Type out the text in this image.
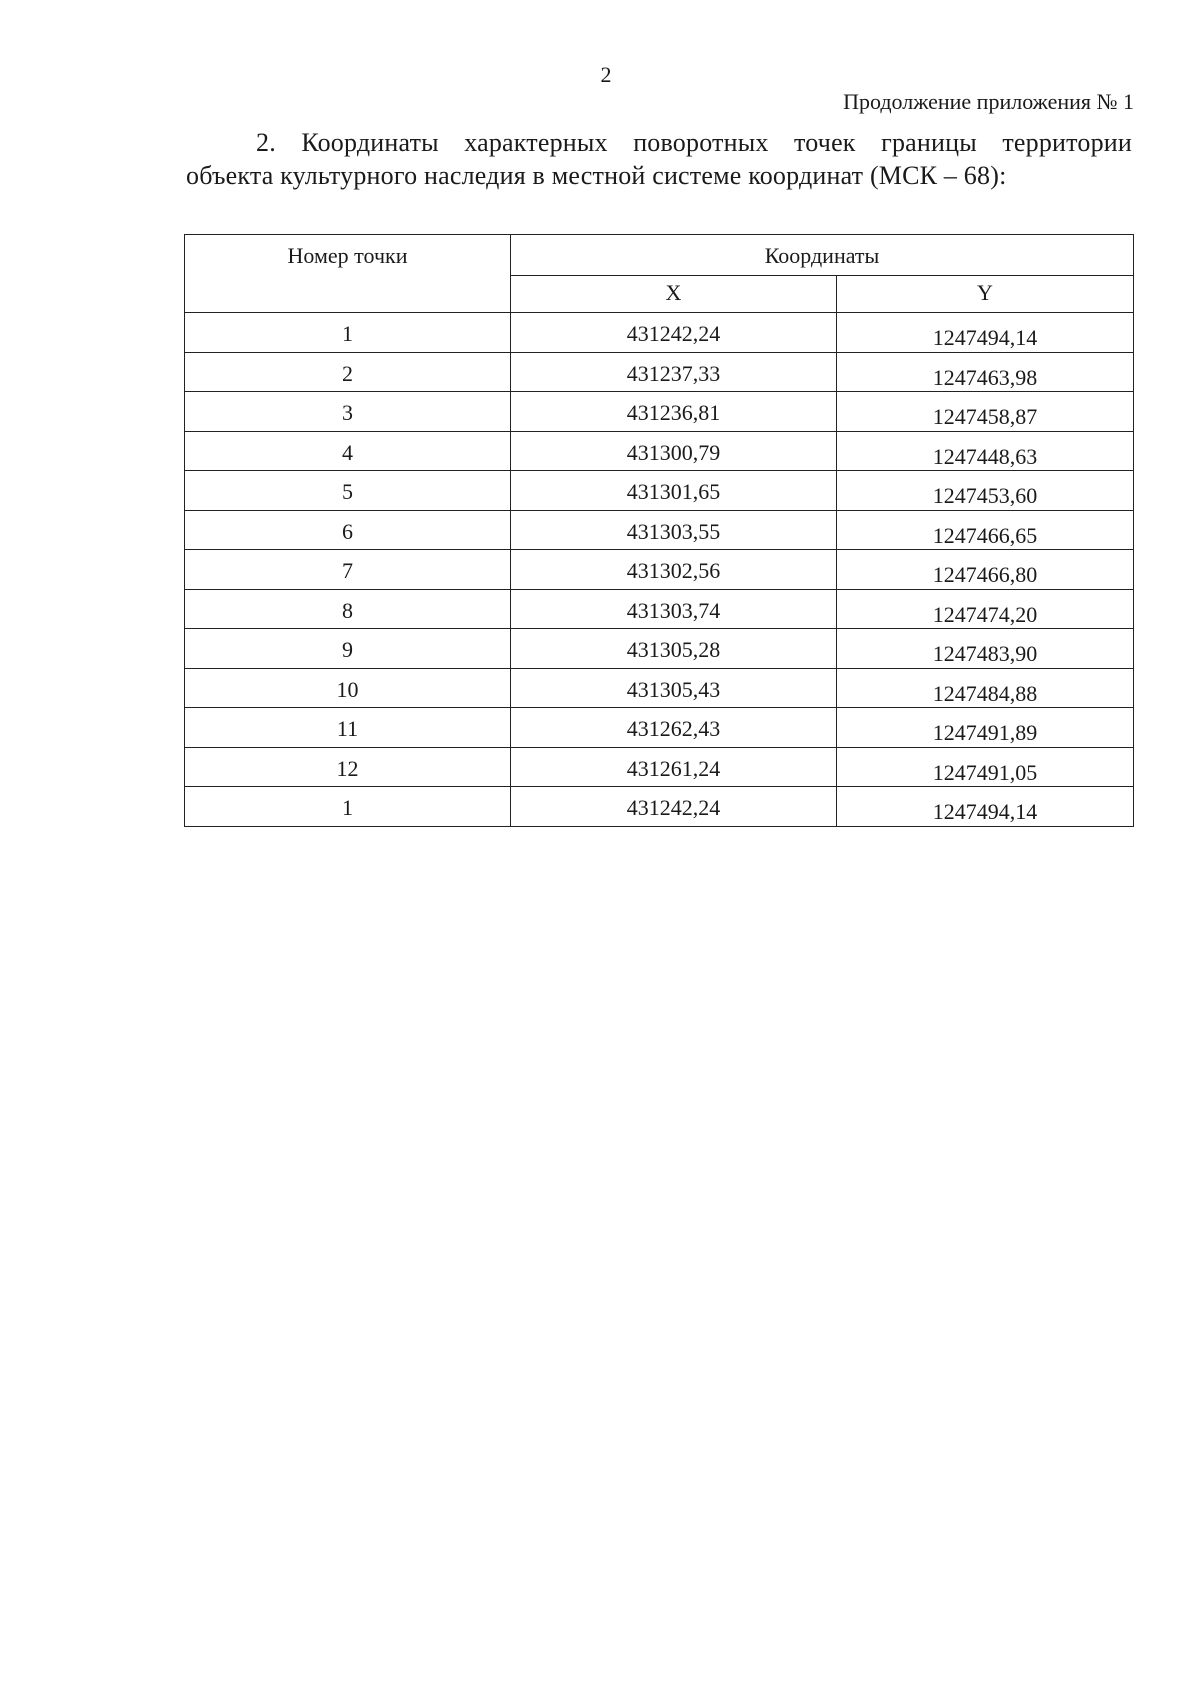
2
Продолжение приложения № 1
2. Координаты характерных поворотных точек границы территории
объекта культурного наследия в местной системе координат (МСК – 68):
Номер точки	Координаты	
	X	Y
1	431242,24	1247494,14
2	431237,33	1247463,98
3	431236,81	1247458,87
4	431300,79	1247448,63
5	431301,65	1247453,60
6	431303,55	1247466,65
7	431302,56	1247466,80
8	431303,74	1247474,20
9	431305,28	1247483,90
10	431305,43	1247484,88
11	431262,43	1247491,89
12	431261,24	1247491,05
1	431242,24	1247494,14
